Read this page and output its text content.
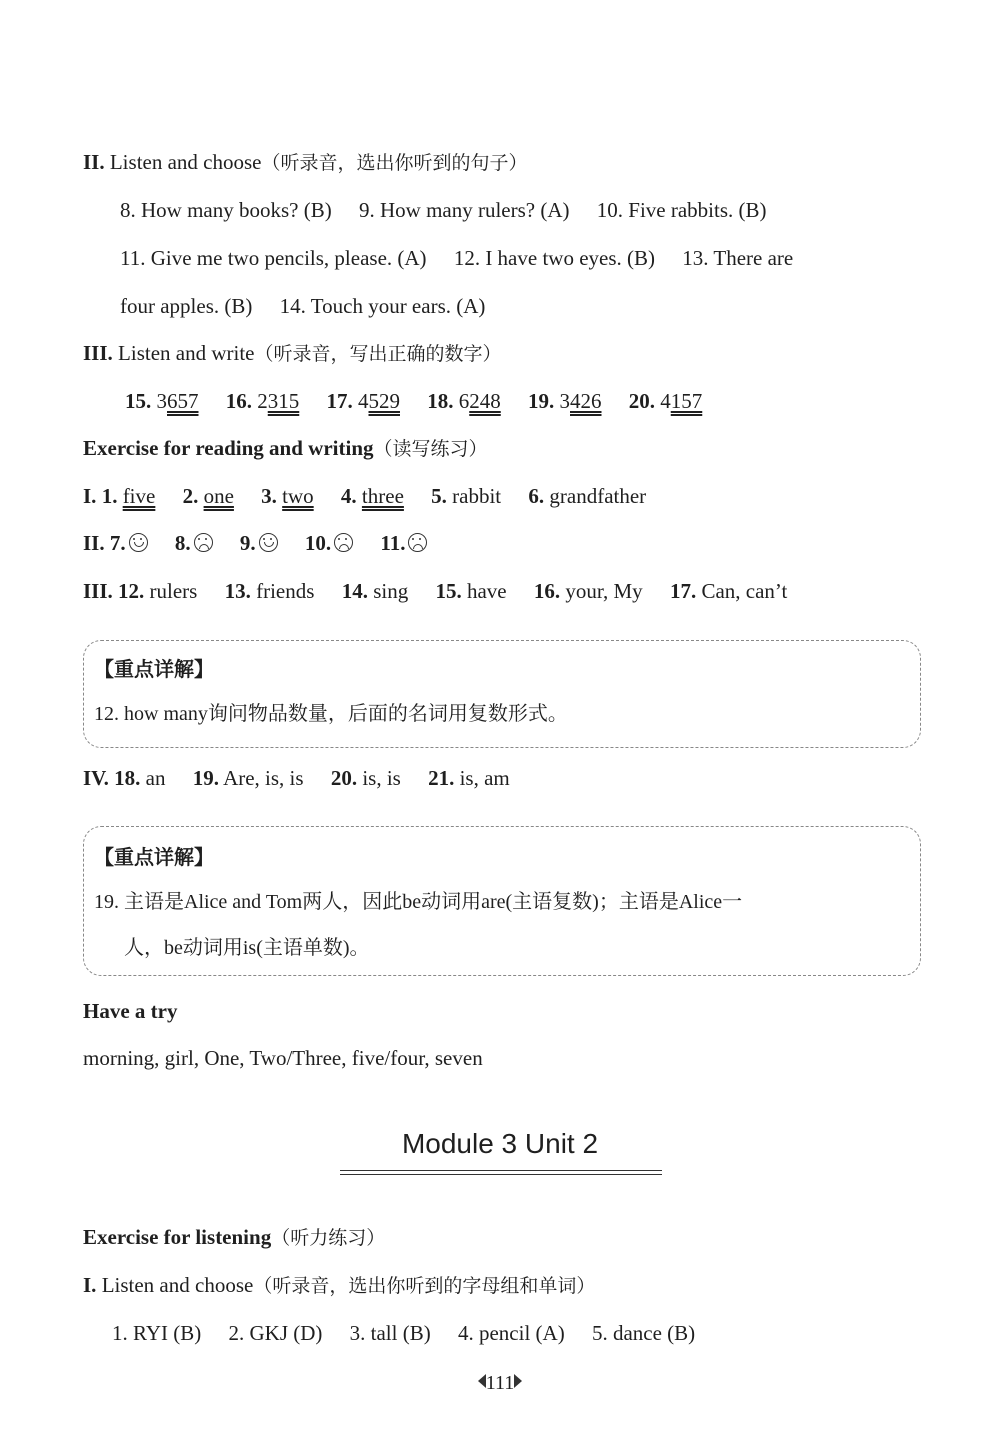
II. Listen and choose（听录音，选出你听到的句子）
8. How many books? (B) 9. How many rulers? (A) 10. Five rabbits. (B)
11. Give me two pencils, please. (A) 12. I have two eyes. (B) 13. There are
four apples. (B) 14. Touch your ears. (A)
III. Listen and write（听录音，写出正确的数字）
15. 3657 16. 2315 17. 4529 18. 6248 19. 3426 20. 4157
Exercise for reading and writing（读写练习）
I. 1. five 2. one 3. two 4. three 5. rabbit 6. grandfather
II. 7. 8. 9. 10. 11.
III. 12. rulers 13. friends 14. sing 15. have 16. your, My 17. Can, can’t
【重点详解】
12. how many询问物品数量，后面的名词用复数形式。
IV. 18. an 19. Are, is, is 20. is, is 21. is, am
【重点详解】
19. 主语是Alice and Tom两人，因此be动词用are(主语复数)；主语是Alice一
人，be动词用is(主语单数)。
Have a try
morning, girl, One, Two/Three, five/four, seven
Module 3 Unit 2
Exercise for listening（听力练习）
I. Listen and choose（听录音，选出你听到的字母组和单词）
1. RYI (B) 2. GKJ (D) 3. tall (B) 4. pencil (A) 5. dance (B)
111
